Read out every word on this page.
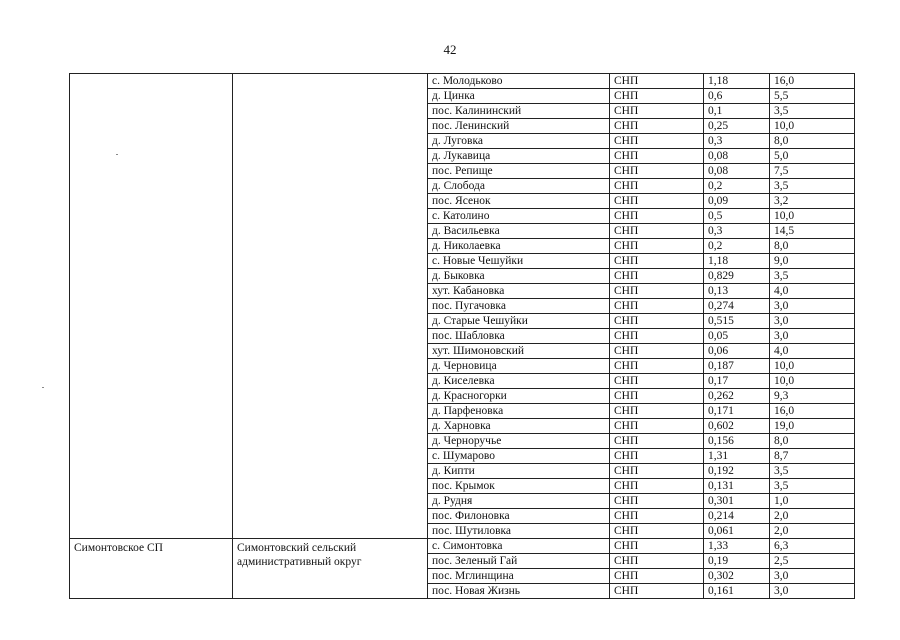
42
		с. Молодьково	СНП	1,18	16,0
		д. Цинка	СНП	0,6	5,5
		пос. Калининский	СНП	0,1	3,5
		пос. Ленинский	СНП	0,25	10,0
		д. Луговка	СНП	0,3	8,0
		д. Лукавица	СНП	0,08	5,0
		пос. Репище	СНП	0,08	7,5
		д. Слобода	СНП	0,2	3,5
		пос. Ясенок	СНП	0,09	3,2
		с. Католино	СНП	0,5	10,0
		д. Васильевка	СНП	0,3	14,5
		д. Николаевка	СНП	0,2	8,0
		с. Новые Чешуйки	СНП	1,18	9,0
		д. Быковка	СНП	0,829	3,5
		хут. Кабановка	СНП	0,13	4,0
		пос. Пугачовка	СНП	0,274	3,0
		д. Старые Чешуйки	СНП	0,515	3,0
		пос. Шабловка	СНП	0,05	3,0
		хут. Шимоновский	СНП	0,06	4,0
		д. Черновица	СНП	0,187	10,0
		д. Киселевка	СНП	0,17	10,0
		д. Красногорки	СНП	0,262	9,3
		д. Парфеновка	СНП	0,171	16,0
		д. Харновка	СНП	0,602	19,0
		д. Черноручье	СНП	0,156	8,0
		с. Шумарово	СНП	1,31	8,7
		д. Кипти	СНП	0,192	3,5
		пос. Крымок	СНП	0,131	3,5
		д. Рудня	СНП	0,301	1,0
		пос. Филоновка	СНП	0,214	2,0
		пос. Шутиловка	СНП	0,061	2,0
Симонтовское СП	Симонтовский сельский административный округ	с. Симонтовка	СНП	1,33	6,3
		пос. Зеленый Гай	СНП	0,19	2,5
		пос. Мглинщина	СНП	0,302	3,0
		пос. Новая Жизнь	СНП	0,161	3,0
